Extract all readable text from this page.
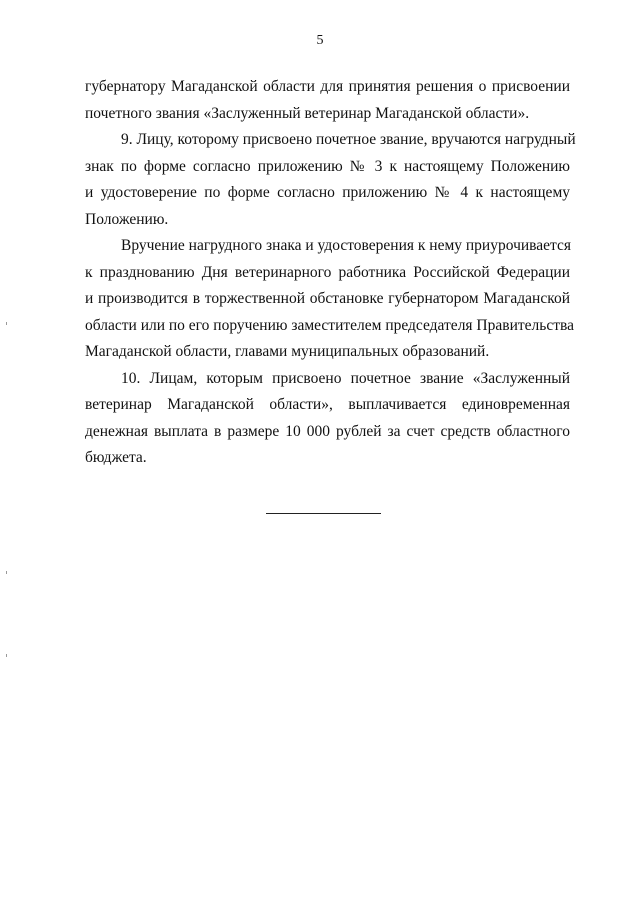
5

губернатору Магаданской области для принятия решения о присвоении
почетного звания «Заслуженный ветеринар Магаданской области».

9. Лицу, которому присвоено почетное звание, вручаются нагрудный
знак по форме согласно приложению № 3 к настоящему Положению
и удостоверение по форме согласно приложению № 4 к настоящему
Положению.

Вручение нагрудного знака и удостоверения к нему приурочивается
к празднованию Дня ветеринарного работника Российской Федерации
и производится в торжественной обстановке губернатором Магаданской
области или по его поручению заместителем председателя Правительства
Магаданской области, главами муниципальных образований.

10. Лицам, которым присвоено почетное звание «Заслуженный
ветеринар Магаданской области», выплачивается единовременная
денежная выплата в размере 10 000 рублей за счет средств областного
бюджета.
